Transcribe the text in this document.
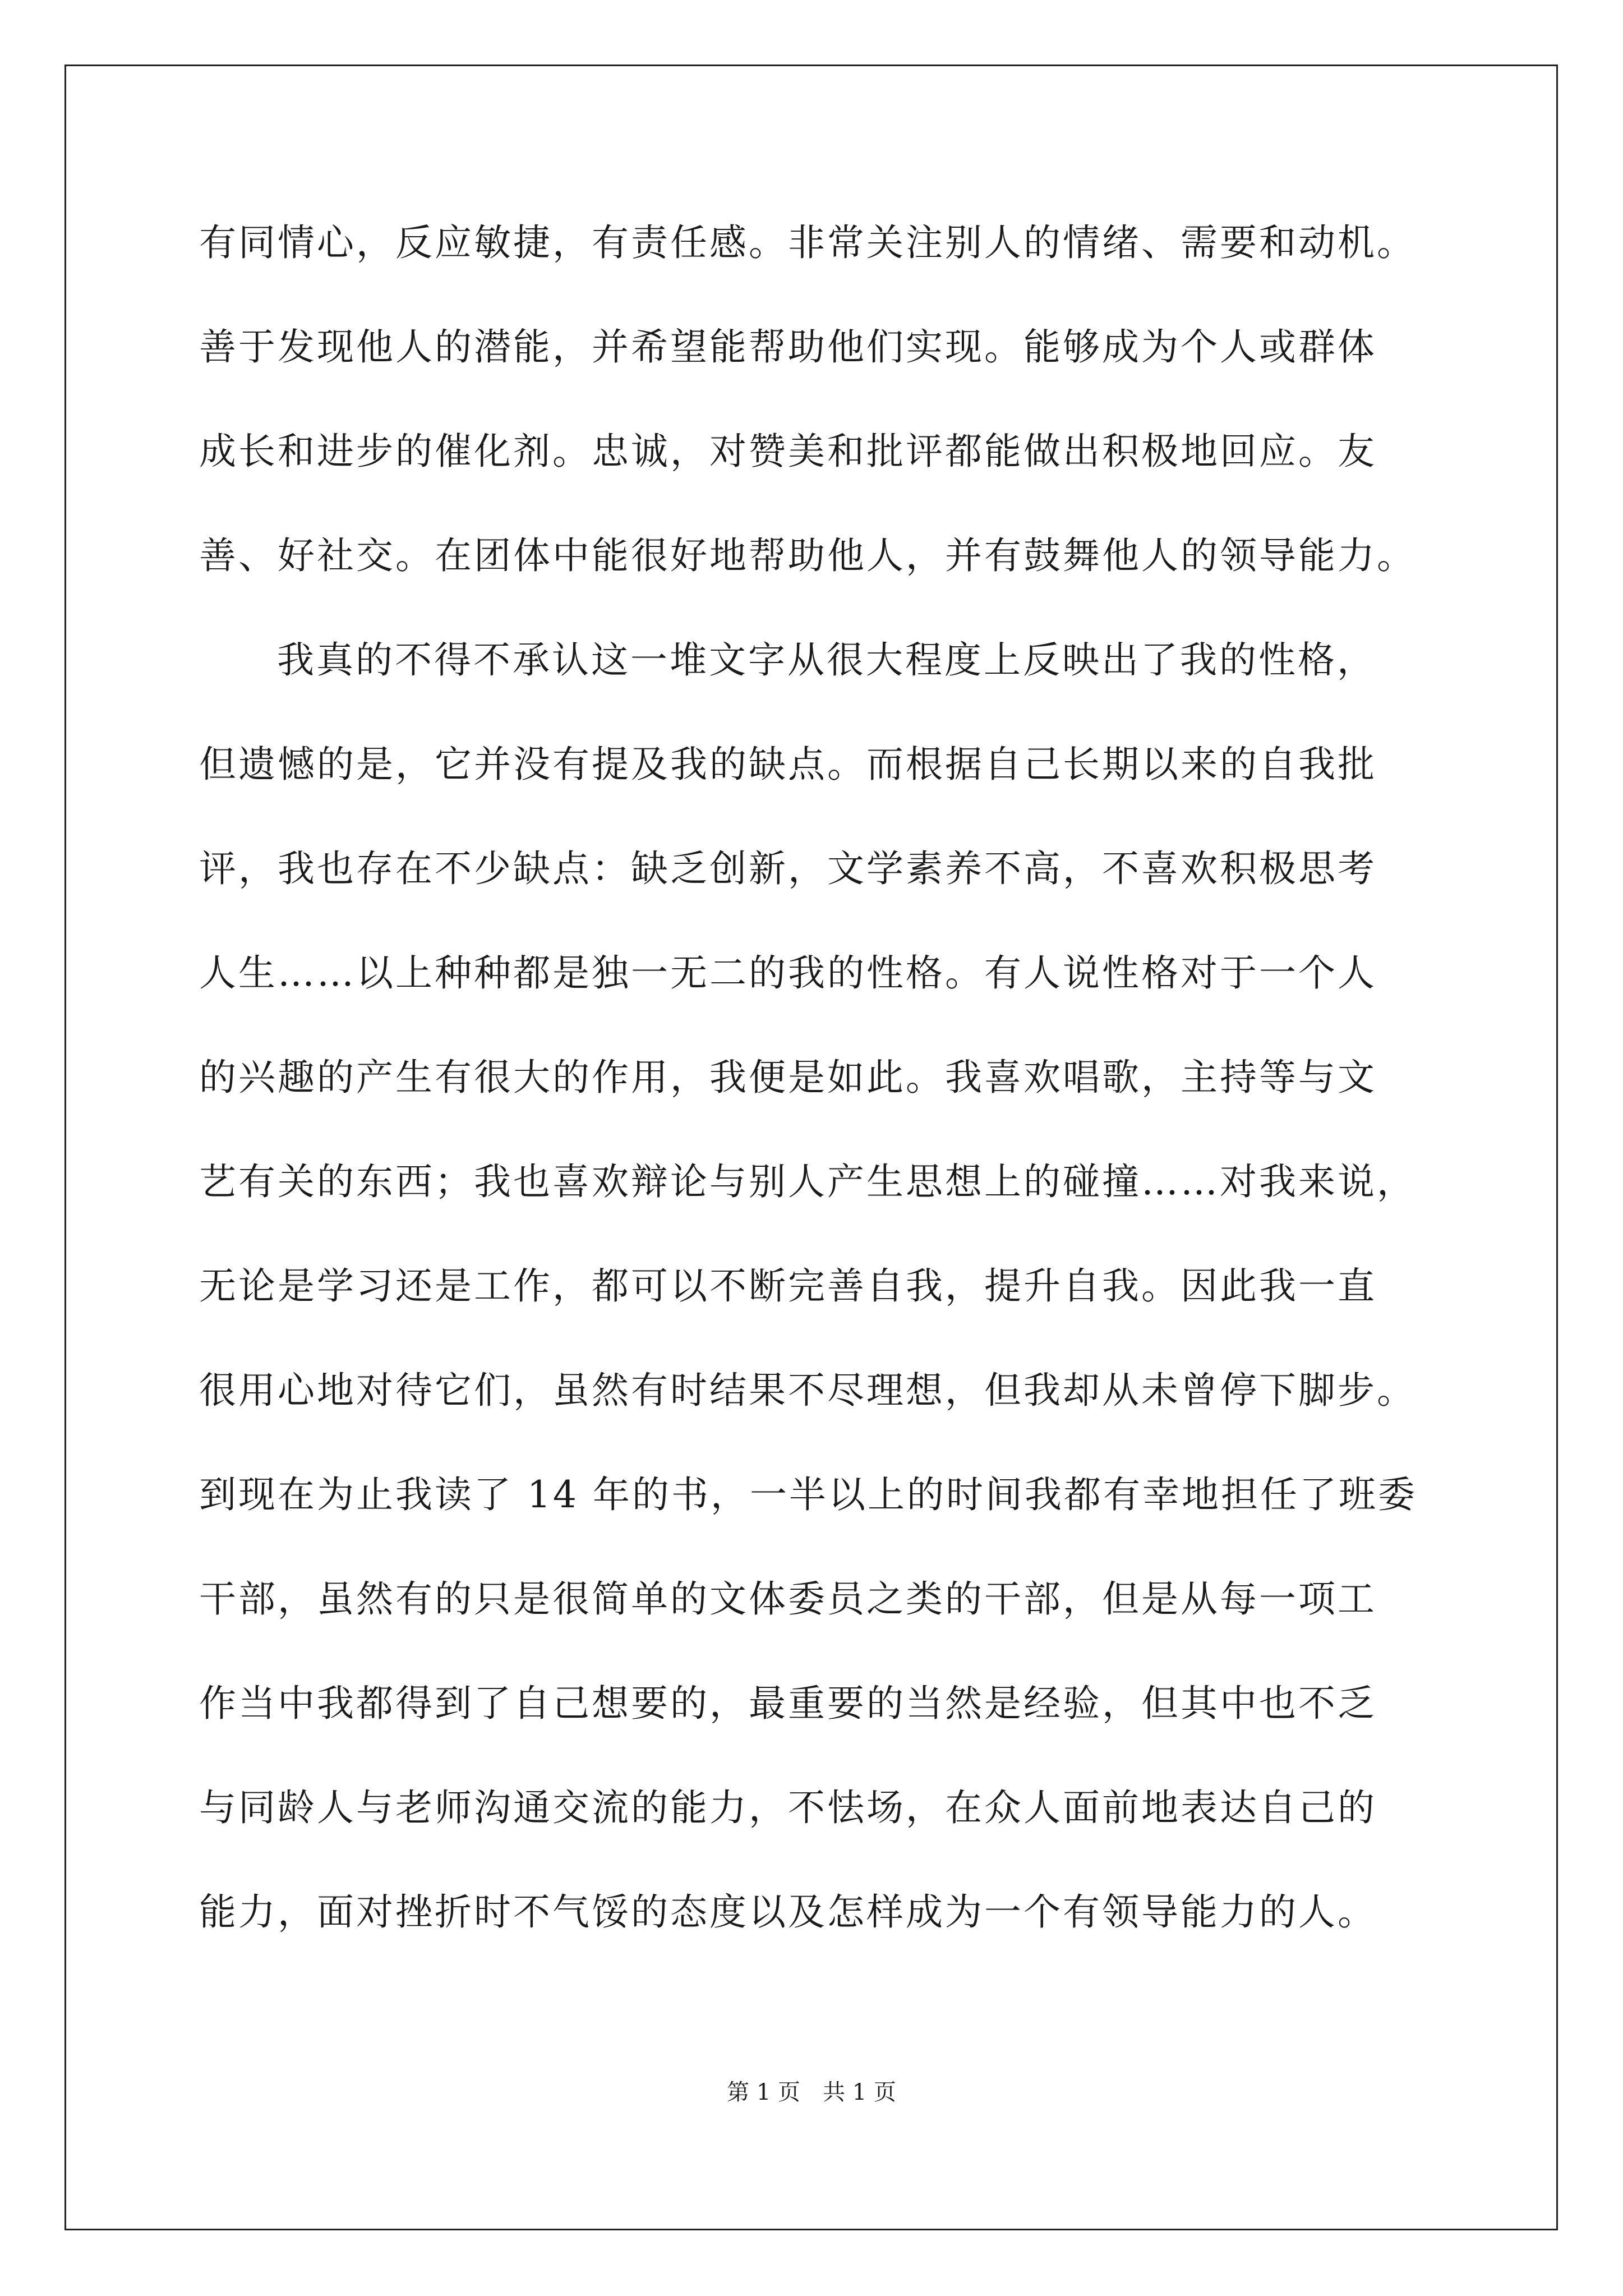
有同情心，反应敏捷，有责任感。非常关注别人的情绪、需要和动机。

善于发现他人的潜能，并希望能帮助他们实现。能够成为个人或群体

成长和进步的催化剂。忠诚，对赞美和批评都能做出积极地回应。友

善、好社交。在团体中能很好地帮助他人，并有鼓舞他人的领导能力。

我真的不得不承认这一堆文字从很大程度上反映出了我的性格，

但遗憾的是，它并没有提及我的缺点。而根据自己长期以来的自我批

评，我也存在不少缺点：缺乏创新，文学素养不高，不喜欢积极思考

人生……以上种种都是独一无二的我的性格。有人说性格对于一个人

的兴趣的产生有很大的作用，我便是如此。我喜欢唱歌，主持等与文

艺有关的东西；我也喜欢辩论与别人产生思想上的碰撞……对我来说，

无论是学习还是工作，都可以不断完善自我，提升自我。因此我一直

很用心地对待它们，虽然有时结果不尽理想，但我却从未曾停下脚步。

到现在为止我读了 14 年的书，一半以上的时间我都有幸地担任了班委

干部，虽然有的只是很简单的文体委员之类的干部，但是从每一项工

作当中我都得到了自己想要的，最重要的当然是经验，但其中也不乏

与同龄人与老师沟通交流的能力，不怯场，在众人面前地表达自己的

能力，面对挫折时不气馁的态度以及怎样成为一个有领导能力的人。

第 1 页　共 1 页
